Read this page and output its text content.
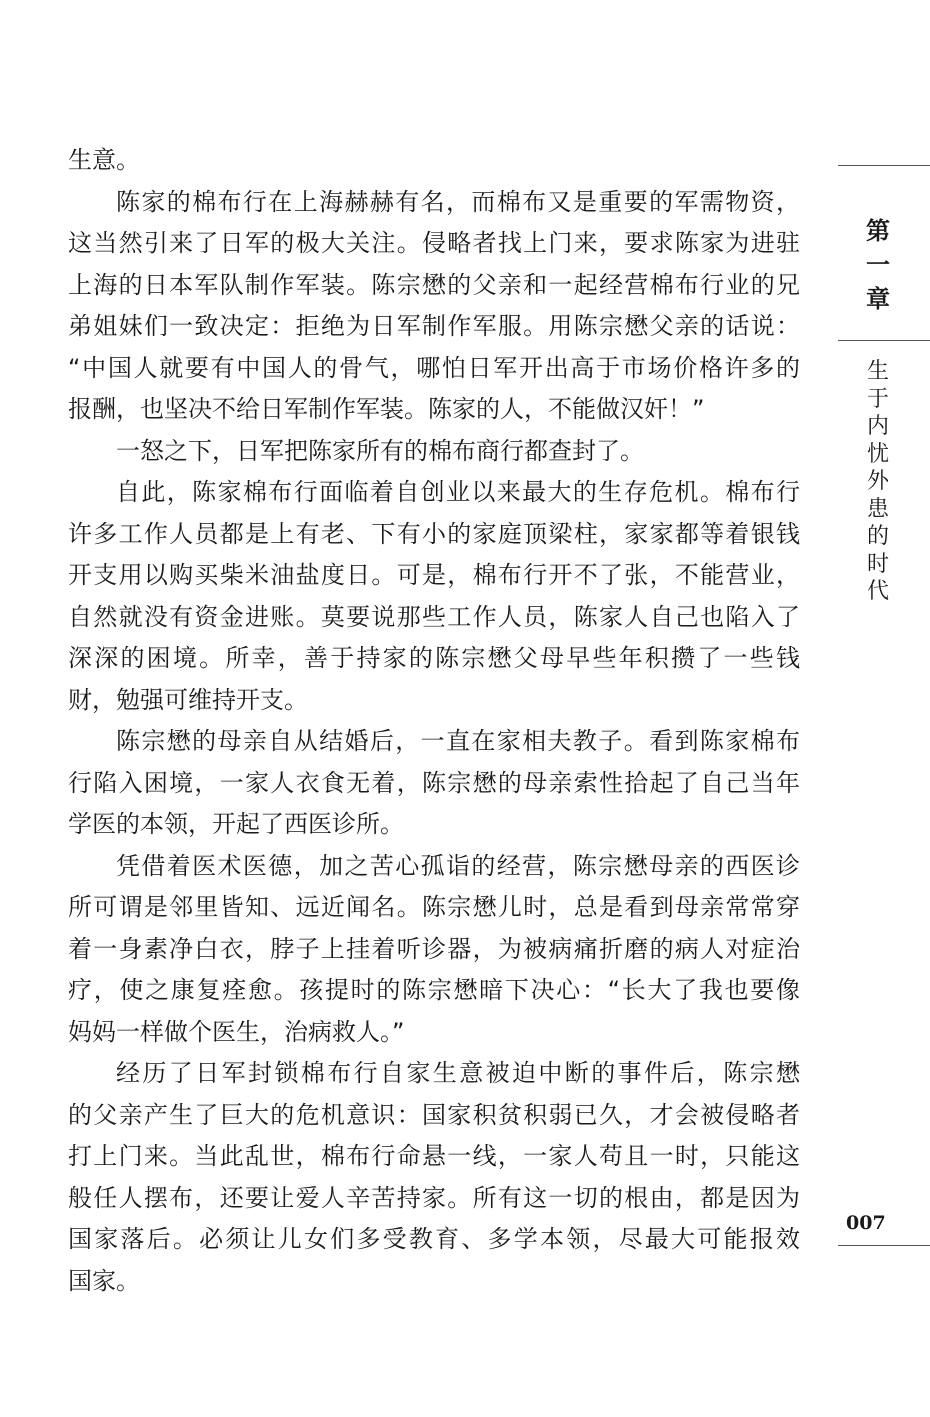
生意。
陈家的棉布行在上海赫赫有名，而棉布又是重要的军需物资，
这当然引来了日军的极大关注。侵略者找上门来，要求陈家为进驻
上海的日本军队制作军装。陈宗懋的父亲和一起经营棉布行业的兄
弟姐妹们一致决定：拒绝为日军制作军服。用陈宗懋父亲的话说：
“中国人就要有中国人的骨气，哪怕日军开出高于市场价格许多的
报酬，也坚决不给日军制作军装。陈家的人，不能做汉奸！”
一怒之下，日军把陈家所有的棉布商行都查封了。
自此，陈家棉布行面临着自创业以来最大的生存危机。棉布行
许多工作人员都是上有老、下有小的家庭顶梁柱，家家都等着银钱
开支用以购买柴米油盐度日。可是，棉布行开不了张，不能营业，
自然就没有资金进账。莫要说那些工作人员，陈家人自己也陷入了
深深的困境。所幸，善于持家的陈宗懋父母早些年积攒了一些钱
财，勉强可维持开支。
陈宗懋的母亲自从结婚后，一直在家相夫教子。看到陈家棉布
行陷入困境，一家人衣食无着，陈宗懋的母亲索性拾起了自己当年
学医的本领，开起了西医诊所。
凭借着医术医德，加之苦心孤诣的经营，陈宗懋母亲的西医诊
所可谓是邻里皆知、远近闻名。陈宗懋儿时，总是看到母亲常常穿
着一身素净白衣，脖子上挂着听诊器，为被病痛折磨的病人对症治
疗，使之康复痊愈。孩提时的陈宗懋暗下决心：“长大了我也要像
妈妈一样做个医生，治病救人。”
经历了日军封锁棉布行自家生意被迫中断的事件后，陈宗懋
的父亲产生了巨大的危机意识：国家积贫积弱已久，才会被侵略者
打上门来。当此乱世，棉布行命悬一线，一家人苟且一时，只能这
般任人摆布，还要让爱人辛苦持家。所有这一切的根由，都是因为
国家落后。必须让儿女们多受教育、多学本领，尽最大可能报效
国家。
第
一
章
生
于
内
忧
外
患
的
时
代
007
